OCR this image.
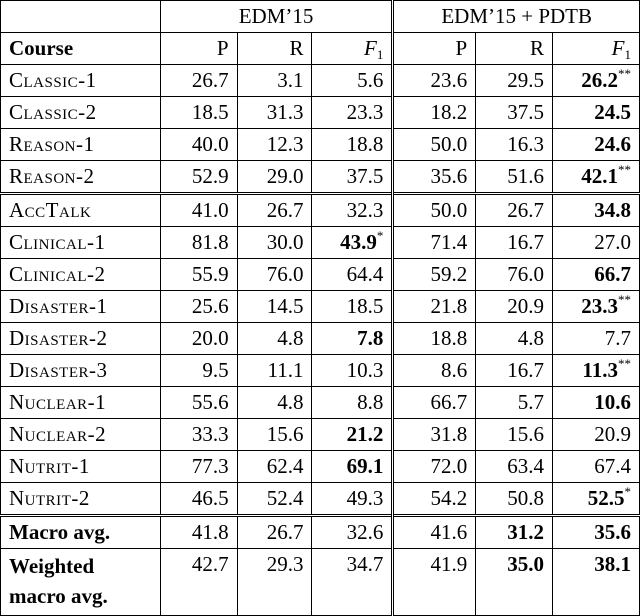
	EDM’15			EDM’15 + PDTB		
Course	P	R	$F_1$	P	R	$F_1$
Classic-1	26.7	3.1	5.6	23.6	29.5	26.2**
Classic-2	18.5	31.3	23.3	18.2	37.5	24.5
Reason-1	40.0	12.3	18.8	50.0	16.3	24.6
Reason-2	52.9	29.0	37.5	35.6	51.6	42.1**
AccTalk	41.0	26.7	32.3	50.0	26.7	34.8
Clinical-1	81.8	30.0	43.9*	71.4	16.7	27.0
Clinical-2	55.9	76.0	64.4	59.2	76.0	66.7
Disaster-1	25.6	14.5	18.5	21.8	20.9	23.3**
Disaster-2	20.0	4.8	7.8	18.8	4.8	7.7
Disaster-3	9.5	11.1	10.3	8.6	16.7	11.3**
Nuclear-1	55.6	4.8	8.8	66.7	5.7	10.6
Nuclear-2	33.3	15.6	21.2	31.8	15.6	20.9
Nutrit-1	77.3	62.4	69.1	72.0	63.4	67.4
Nutrit-2	46.5	52.4	49.3	54.2	50.8	52.5*
Macro avg.	41.8	26.7	32.6	41.6	31.2	35.6

Weighted
macro avg.	42.7	29.3	34.7	41.9	35.0	38.1
